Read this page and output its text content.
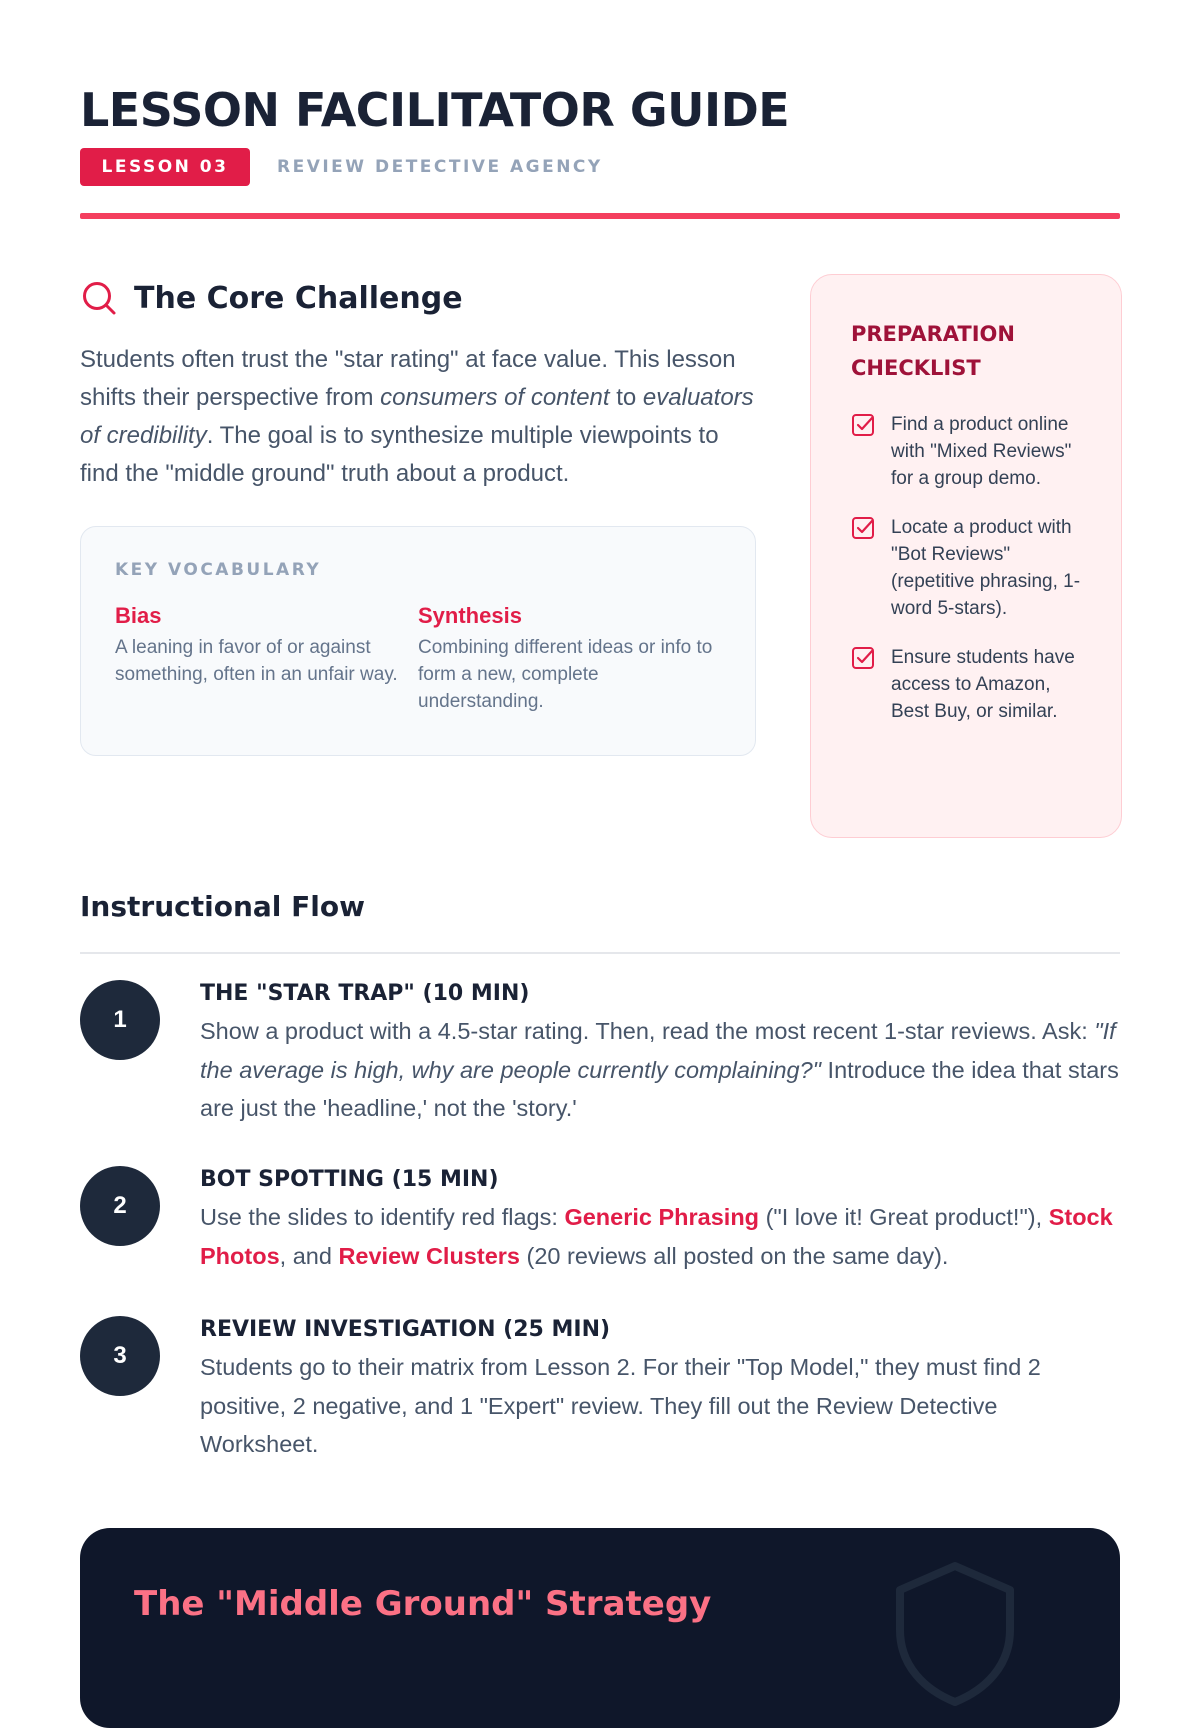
LESSON FACILITATOR GUIDE
LESSON 03	REVIEW DETECTIVE AGENCY
The Core Challenge

Students often trust the "star rating" at face value. This lesson shifts their perspective from consumers of content to evaluators of credibility. The goal is to synthesize multiple viewpoints to find the "middle ground" truth about a product.

KEY VOCABULARY
Bias
A leaning in favor of or against something, often in an unfair way.
Synthesis
Combining different ideas or info to form a new, complete understanding.
PREPARATION CHECKLIST
Find a product online with "Mixed Reviews" for a group demo.
Locate a product with "Bot Reviews" (repetitive phrasing, 1-word 5-stars).
Ensure students have access to Amazon, Best Buy, or similar.
Instructional Flow
1
THE "STAR TRAP" (10 MIN)

Show a product with a 4.5-star rating. Then, read the most recent 1-star reviews. Ask: "If the average is high, why are people currently complaining?" Introduce the idea that stars are just the 'headline,' not the 'story.'

2
BOT SPOTTING (15 MIN)

Use the slides to identify red flags: Generic Phrasing ("I love it! Great product!"), Stock Photos, and Review Clusters (20 reviews all posted on the same day).

3
REVIEW INVESTIGATION (25 MIN)

Students go to their matrix from Lesson 2. For their "Top Model," they must find 2 positive, 2 negative, and 1 "Expert" review. They fill out the Review Detective Worksheet.

The "Middle Ground" Strategy
